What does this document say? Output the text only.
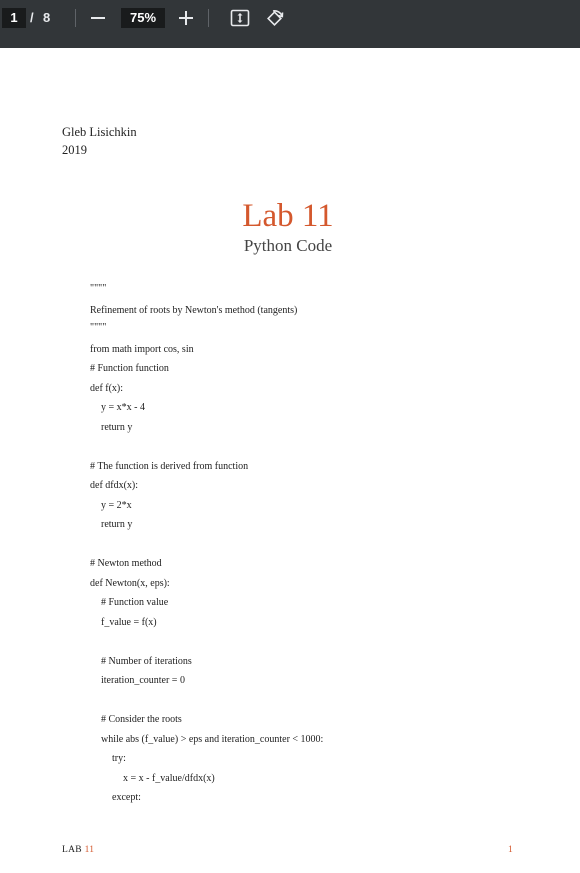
1 / 8	75%
Gleb Lisichkin
2019
Lab 11
Python Code
""""
Refinement of roots by Newton's method (tangents)
""""
from math import cos, sin
# Function function
def f(x):
y = x*x - 4
return y
# The function is derived from function
def dfdx(x):
y = 2*x
return y
# Newton method
def Newton(x, eps):
# Function value
f_value = f(x)
# Number of iterations
iteration_counter = 0
# Consider the roots
while abs (f_value) > eps and iteration_counter < 1000:
try:
x = x - f_value/dfdx(x)
except:
LAB 11	1
